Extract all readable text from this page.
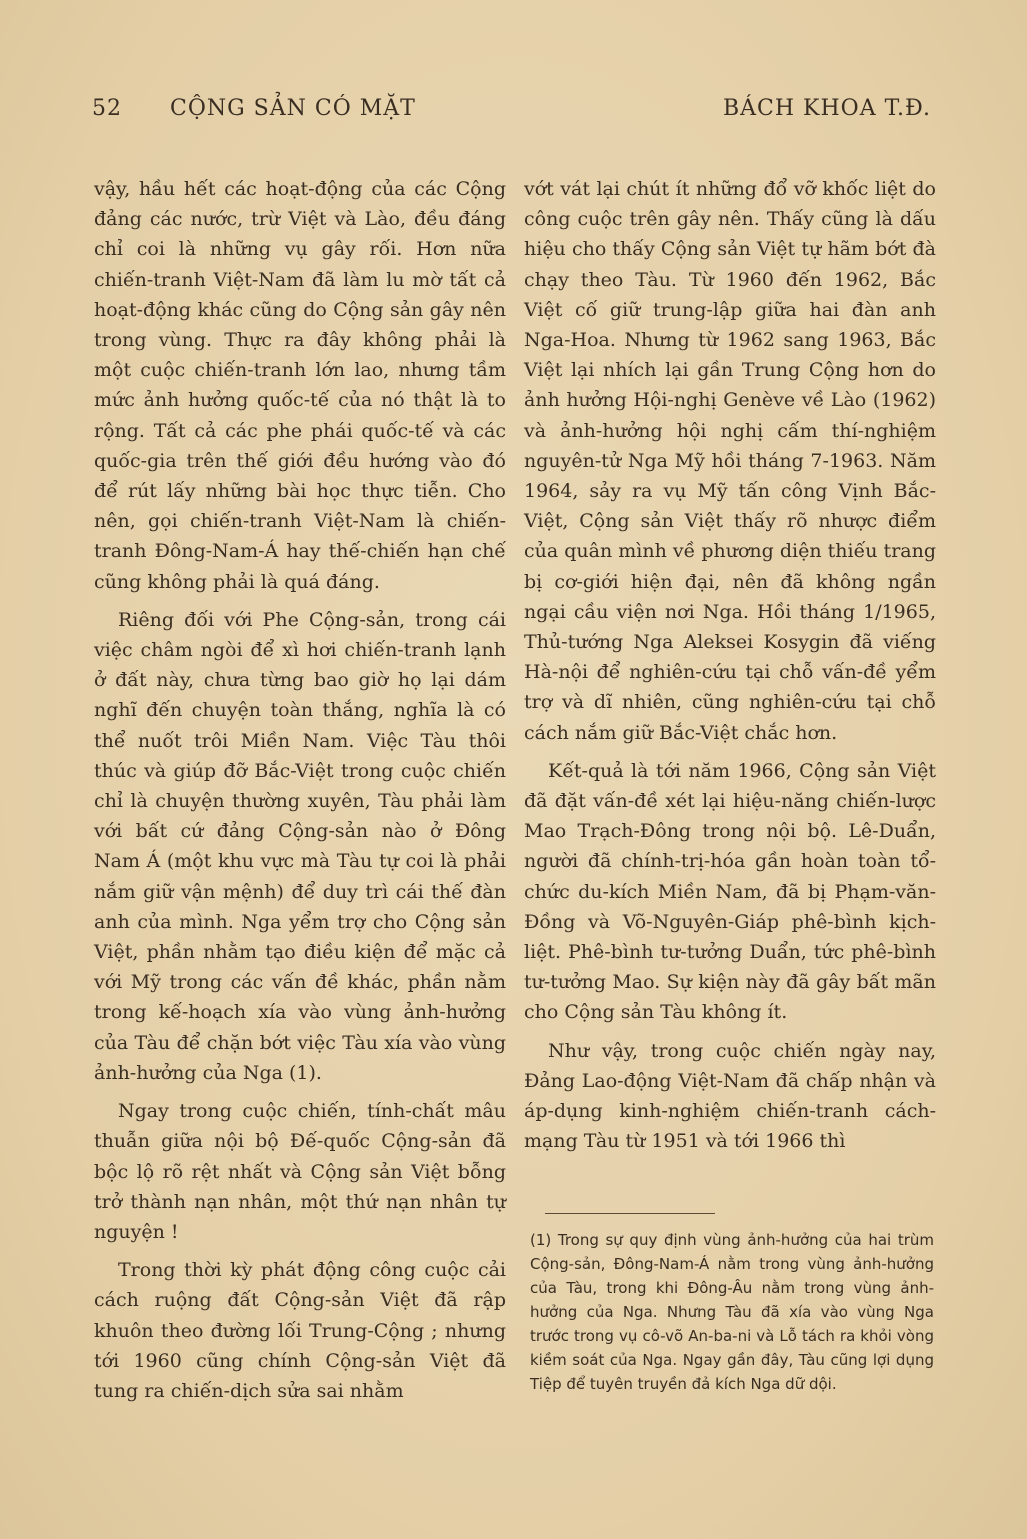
52 CỘNG SẢN CÓ MẶT	BÁCH KHOA T.Đ.

vậy, hầu hết các hoạt-động của các Cộng đảng các nước, trừ Việt và Lào, đều đáng chỉ coi là những vụ gây rối. Hơn nữa chiến-tranh Việt-Nam đã làm lu mờ tất cả hoạt-động khác cũng do Cộng sản gây nên trong vùng. Thực ra đây không phải là một cuộc chiến-tranh lớn lao, nhưng tầm mức ảnh hưởng quốc-tế của nó thật là to rộng. Tất cả các phe phái quốc-tế và các quốc-gia trên thế giới đều hướng vào đó để rút lấy những bài học thực tiễn. Cho nên, gọi chiến-tranh Việt-Nam là chiến-tranh Đông-Nam-Á hay thế-chiến hạn chế cũng không phải là quá đáng.

Riêng đối với Phe Cộng-sản, trong cái việc châm ngòi để xì hơi chiến-tranh lạnh ở đất này, chưa từng bao giờ họ lại dám nghĩ đến chuyện toàn thắng, nghĩa là có thể nuốt trôi Miền Nam. Việc Tàu thôi thúc và giúp đỡ Bắc-Việt trong cuộc chiến chỉ là chuyện thường xuyên, Tàu phải làm với bất cứ đảng Cộng-sản nào ở Đông Nam Á (một khu vực mà Tàu tự coi là phải nắm giữ vận mệnh) để duy trì cái thế đàn anh của mình. Nga yểm trợ cho Cộng sản Việt, phần nhằm tạo điều kiện để mặc cả với Mỹ trong các vấn đề khác, phần nằm trong kế-hoạch xía vào vùng ảnh-hưởng của Tàu để chặn bớt việc Tàu xía vào vùng ảnh-hưởng của Nga (1).

Ngay trong cuộc chiến, tính-chất mâu thuẫn giữa nội bộ Đế-quốc Cộng-sản đã bộc lộ rõ rệt nhất và Cộng sản Việt bỗng trở thành nạn nhân, một thứ nạn nhân tự nguyện !

Trong thời kỳ phát động công cuộc cải cách ruộng đất Cộng-sản Việt đã rập khuôn theo đường lối Trung-Cộng ; nhưng tới 1960 cũng chính Cộng-sản Việt đã tung ra chiến-dịch sửa sai nhằm

vớt vát lại chút ít những đổ vỡ khốc liệt do công cuộc trên gây nên. Thấy cũng là dấu hiệu cho thấy Cộng sản Việt tự hãm bớt đà chạy theo Tàu. Từ 1960 đến 1962, Bắc Việt cố giữ trung-lập giữa hai đàn anh Nga-Hoa. Nhưng từ 1962 sang 1963, Bắc Việt lại nhích lại gần Trung Cộng hơn do ảnh hưởng Hội-nghị Genève về Lào (1962) và ảnh-hưởng hội nghị cấm thí-nghiệm nguyên-tử Nga Mỹ hồi tháng 7-1963. Năm 1964, sảy ra vụ Mỹ tấn công Vịnh Bắc-Việt, Cộng sản Việt thấy rõ nhược điểm của quân mình về phương diện thiếu trang bị cơ-giới hiện đại, nên đã không ngần ngại cầu viện nơi Nga. Hồi tháng 1/1965, Thủ-tướng Nga Aleksei Kosygin đã viếng Hà-nội để nghiên-cứu tại chỗ vấn-đề yểm trợ và dĩ nhiên, cũng nghiên-cứu tại chỗ cách nắm giữ Bắc-Việt chắc hơn.

Kết-quả là tới năm 1966, Cộng sản Việt đã đặt vấn-đề xét lại hiệu-năng chiến-lược Mao Trạch-Đông trong nội bộ. Lê-Duẩn, người đã chính-trị-hóa gần hoàn toàn tổ-chức du-kích Miền Nam, đã bị Phạm-văn-Đồng và Võ-Nguyên-Giáp phê-bình kịch-liệt. Phê-bình tư-tưởng Duẩn, tức phê-bình tư-tưởng Mao. Sự kiện này đã gây bất mãn cho Cộng sản Tàu không ít.

Như vậy, trong cuộc chiến ngày nay, Đảng Lao-động Việt-Nam đã chấp nhận và áp-dụng kinh-nghiệm chiến-tranh cách-mạng Tàu từ 1951 và tới 1966 thì

(1) Trong sự quy định vùng ảnh-hưởng của hai trùm Cộng-sản, Đông-Nam-Á nằm trong vùng ảnh-hưởng của Tàu, trong khi Đông-Âu nằm trong vùng ảnh-hưởng của Nga. Nhưng Tàu đã xía vào vùng Nga trước trong vụ cô-võ An-ba-ni và Lỗ tách ra khỏi vòng kiềm soát của Nga. Ngay gần đây, Tàu cũng lợi dụng Tiệp để tuyên truyền đả kích Nga dữ dội.
